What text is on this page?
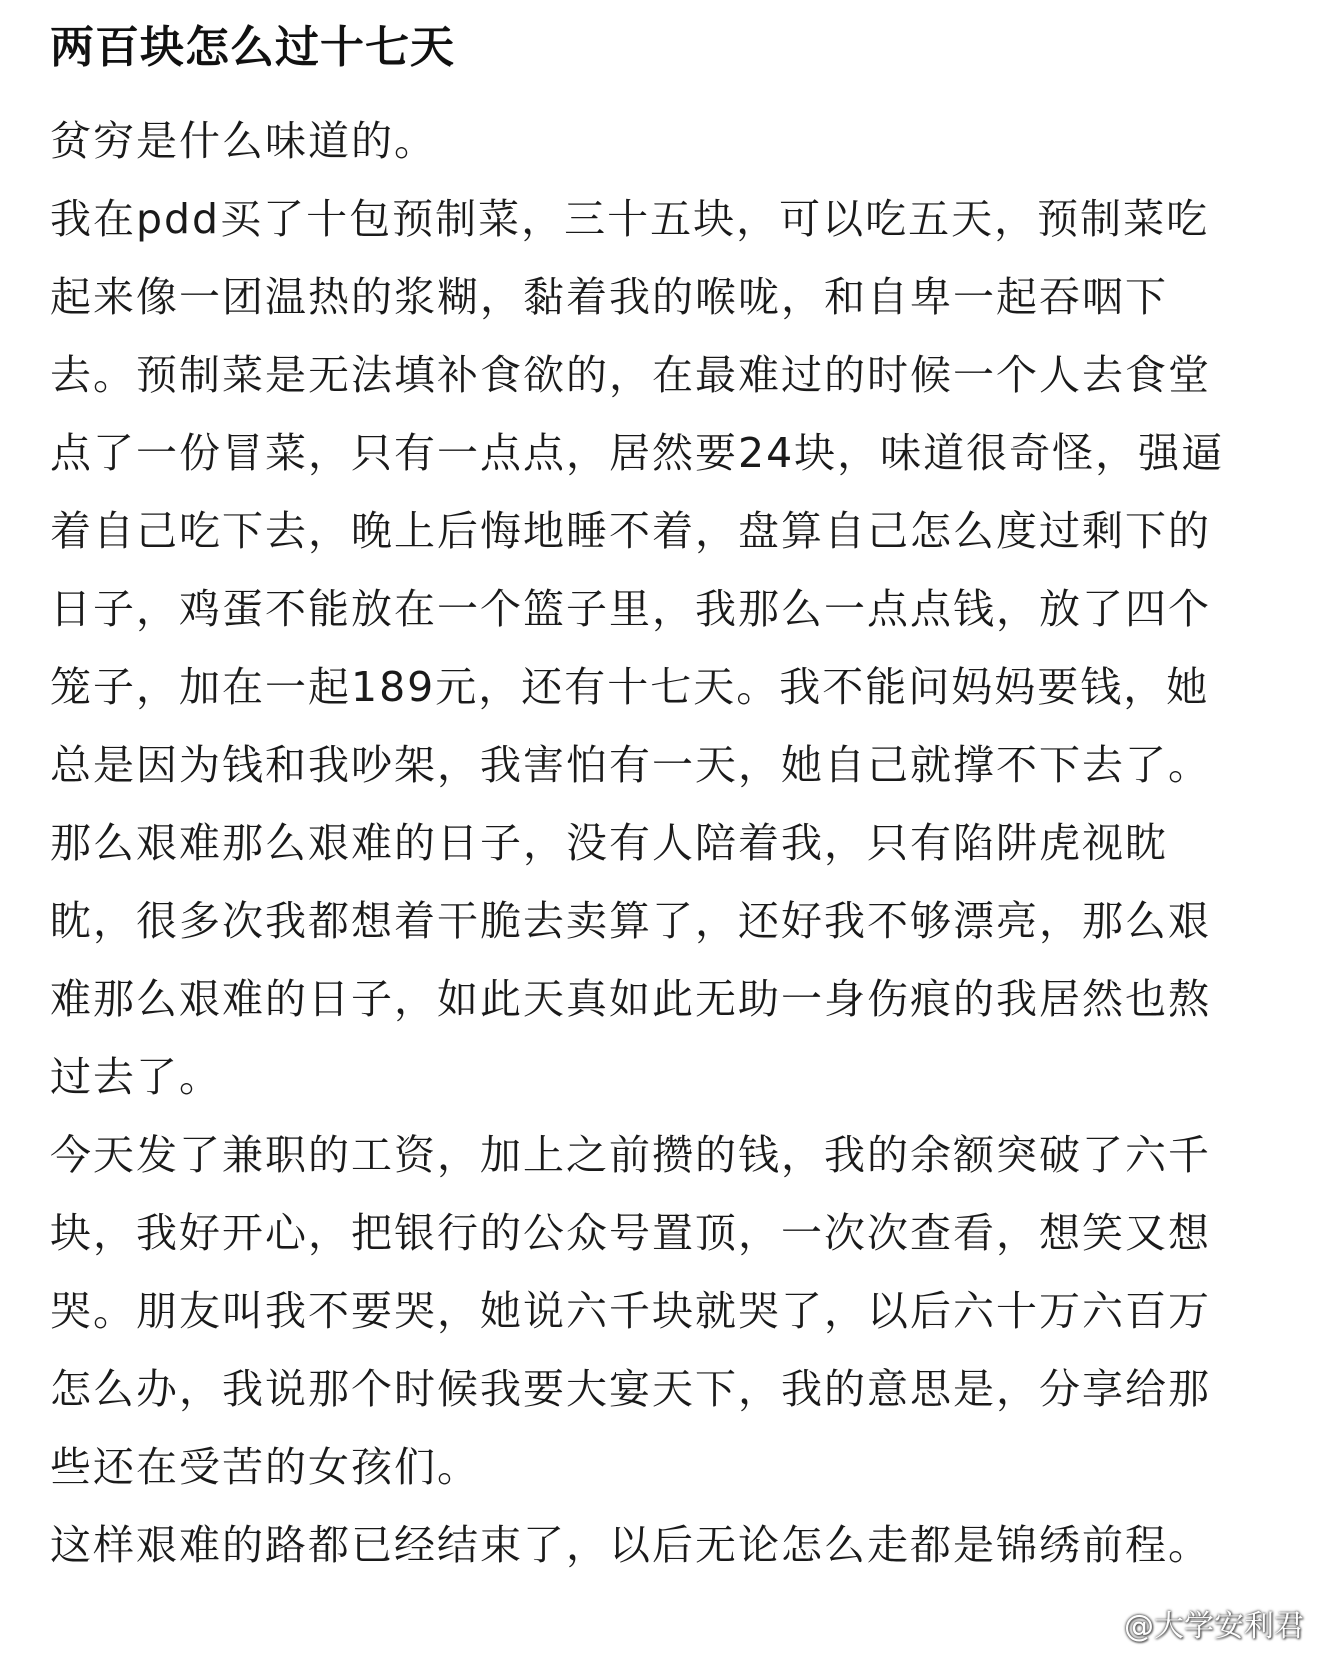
两百块怎么过十七天

贫穷是什么味道的。

我在pdd买了十包预制菜，三十五块，可以吃五天，预制菜吃起来像一团温热的浆糊，黏着我的喉咙，和自卑一起吞咽下去。预制菜是无法填补食欲的，在最难过的时候一个人去食堂点了一份冒菜，只有一点点，居然要24块，味道很奇怪，强逼着自己吃下去，晚上后悔地睡不着，盘算自己怎么度过剩下的日子，鸡蛋不能放在一个篮子里，我那么一点点钱，放了四个笼子，加在一起189元，还有十七天。我不能问妈妈要钱，她总是因为钱和我吵架，我害怕有一天，她自己就撑不下去了。那么艰难那么艰难的日子，没有人陪着我，只有陷阱虎视眈眈，很多次我都想着干脆去卖算了，还好我不够漂亮，那么艰难那么艰难的日子，如此天真如此无助一身伤痕的我居然也熬过去了。

今天发了兼职的工资，加上之前攒的钱，我的余额突破了六千块，我好开心，把银行的公众号置顶，一次次查看，想笑又想哭。朋友叫我不要哭，她说六千块就哭了，以后六十万六百万怎么办，我说那个时候我要大宴天下，我的意思是，分享给那些还在受苦的女孩们。

这样艰难的路都已经结束了，以后无论怎么走都是锦绣前程。

@大学安利君
